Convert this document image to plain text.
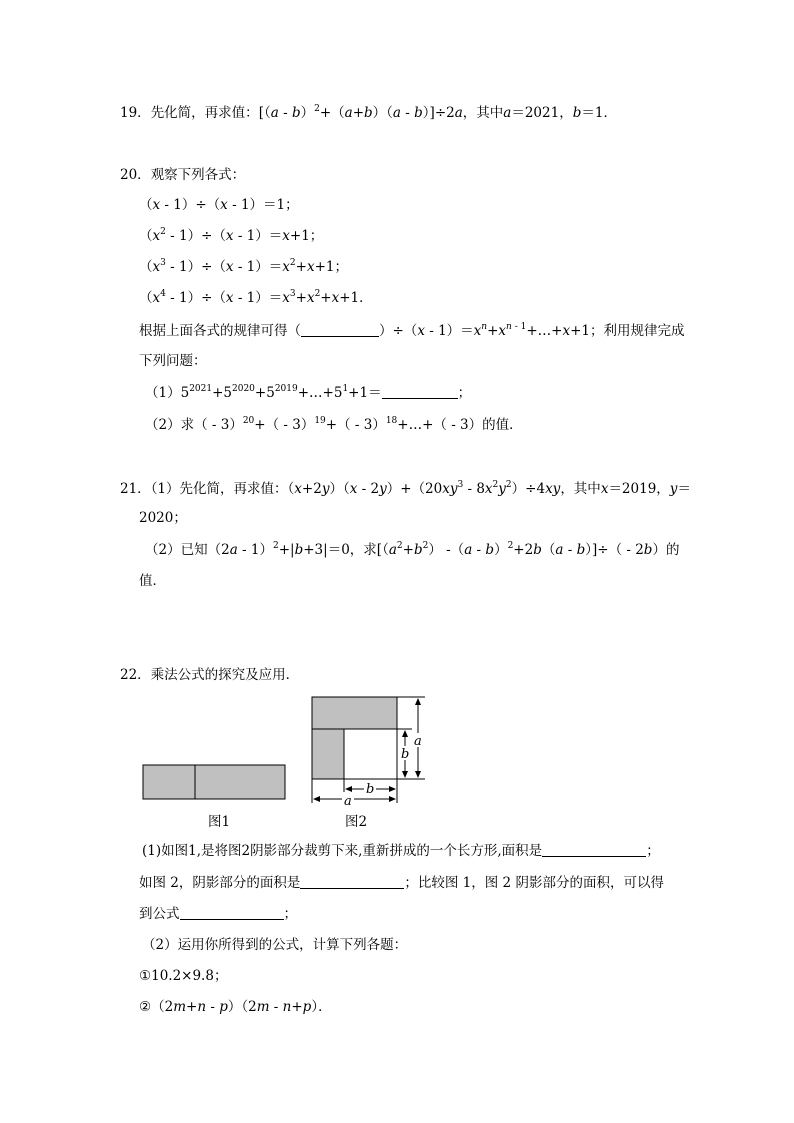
19．先化简，再求值：[（a - b）$^2$+（a+b）（a - b）]÷2a，其中a＝2021，b＝1．
20．观察下列各式：
（x - 1）÷（x - 1）＝1；
$(x^2 - 1)\div(x - 1)=x+1$；
$(x^3 - 1)\div(x - 1)=x^2+x+1$；
$(x^4 - 1)\div(x - 1)=x^3+x^2+x+1$．
根据上面各式的规律可得（	）$\div(x - 1)=x^n+x^{n - 1}+\dots+x+1$；利用规律完成
下列问题：
$(1)5^{2021}+5^{2020}+5^{2019}+\dots+5^1+1=$	；
（2）求（ - 3）$^{20}$+（ - 3）$^{19}$+（ - 3）$^{18}$+…+（ - 3）的值．
21．（1）先化简，再求值：$(x+2y)(x - 2y)+(20xy^3 - 8x^2y^2)\div 4xy$，其中x＝2019，y＝
2020；
（2）已知（2a - 1）$^2$+|b+3|＝0，求[$(a^2+b^2)$ -（a - b）$^2$+2b（a - b）]÷（ - 2b）的
值．
22．乘法公式的探究及应用．
a
b
b
a
图1	图2
(1)如图1,是将图2阴影部分裁剪下来,重新拼成的一个长方形,面积是	；
如图 2，阴影部分的面积是	；比较图 1，图 2 阴影部分的面积，可以得
到公式	；
（2）运用你所得到的公式，计算下列各题：
①10.2×9.8；
②（2m+n - p）（2m - n+p）．
